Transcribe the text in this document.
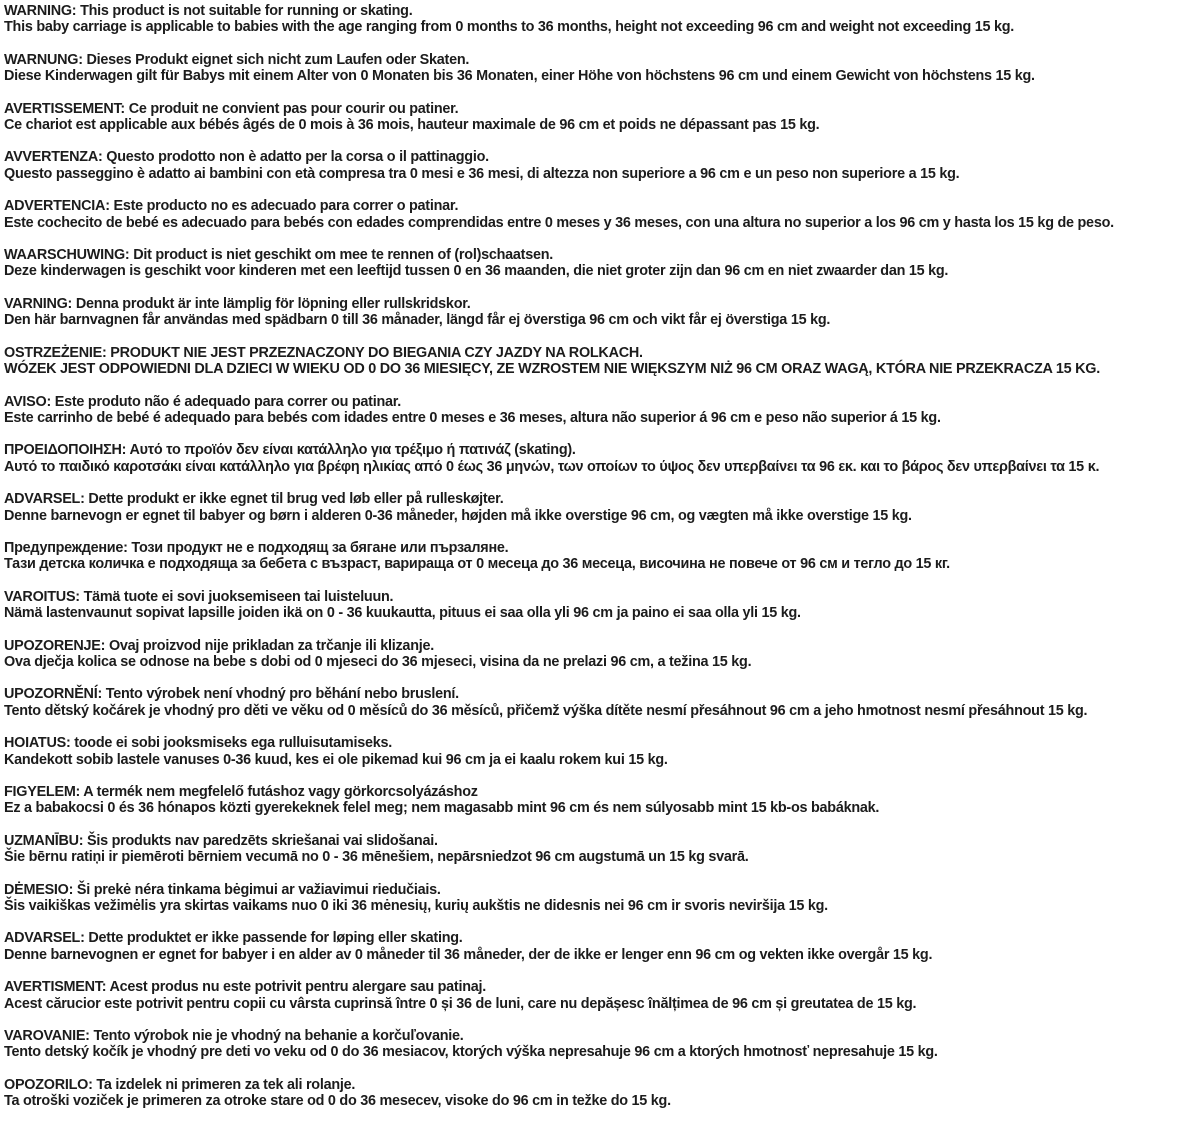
WARNING: This product is not suitable for running or skating.
This baby carriage is applicable to babies with the age ranging from 0 months to 36 months, height not exceeding 96 cm and weight not exceeding 15 kg.
WARNUNG: Dieses Produkt eignet sich nicht zum Laufen oder Skaten.
Diese Kinderwagen gilt für Babys mit einem Alter von 0 Monaten bis 36 Monaten, einer Höhe von höchstens 96 cm und einem Gewicht von höchstens 15 kg.
AVERTISSEMENT: Ce produit ne convient pas pour courir ou patiner.
Ce chariot est applicable aux bébés âgés de 0 mois à 36 mois, hauteur maximale de 96 cm et poids ne dépassant pas 15 kg.
AVVERTENZA: Questo prodotto non è adatto per la corsa o il pattinaggio.
Questo passeggino è adatto ai bambini con età compresa tra 0 mesi e 36 mesi, di altezza non superiore a 96 cm e un peso non superiore a 15 kg.
ADVERTENCIA: Este producto no es adecuado para correr o patinar.
Este cochecito de bebé es adecuado para bebés con edades comprendidas entre 0 meses y 36 meses, con una altura no superior a los 96 cm y hasta los 15 kg de peso.
WAARSCHUWING: Dit product is niet geschikt om mee te rennen of (rol)schaatsen.
Deze kinderwagen is geschikt voor kinderen met een leeftijd tussen 0 en 36 maanden, die niet groter zijn dan 96 cm en niet zwaarder dan 15 kg.
VARNING: Denna produkt är inte lämplig för löpning eller rullskridskor.
Den här barnvagnen får användas med spädbarn 0 till 36 månader, längd får ej överstiga 96 cm och vikt får ej överstiga 15 kg.
OSTRZEŻENIE: PRODUKT NIE JEST PRZEZNACZONY DO BIEGANIA CZY JAZDY NA ROLKACH.
WÓZEK JEST ODPOWIEDNI DLA DZIECI W WIEKU OD 0 DO 36 MIESIĘCY, ZE WZROSTEM NIE WIĘKSZYM NIŻ 96 CM ORAZ WAGĄ, KTÓRA NIE PRZEKRACZA 15 KG.
AVISO: Este produto não é adequado para correr ou patinar.
Este carrinho de bebé é adequado para bebés com idades entre 0 meses e 36 meses, altura não superior á 96 cm e peso não superior á 15 kg.
ΠΡΟΕΙΔΟΠΟΙΗΣΗ: Αυτό το προϊόν δεν είναι κατάλληλο για τρέξιμο ή πατινάζ (skating).
Αυτό το παιδικό καροτσάκι είναι κατάλληλο για βρέφη ηλικίας από 0 έως 36 μηνών, των οποίων το ύψος δεν υπερβαίνει τα 96 εκ. και το βάρος δεν υπερβαίνει τα 15 κ.
ADVARSEL: Dette produkt er ikke egnet til brug ved løb eller på rulleskøjter.
Denne barnevogn er egnet til babyer og børn i alderen 0-36 måneder, højden må ikke overstige 96 cm, og vægten må ikke overstige 15 kg.
Предупреждение: Този продукт не е подходящ за бягане или пързаляне.
Тази детска количка е подходяща за бебета с възраст, варираща от 0 месеца до 36 месеца, височина не повече от 96 см и тегло до 15 кг.
VAROITUS: Tämä tuote ei sovi juoksemiseen tai luisteluun.
Nämä lastenvaunut sopivat lapsille joiden ikä on 0 - 36 kuukautta, pituus ei saa olla yli 96 cm ja paino ei saa olla yli 15 kg.
UPOZORENJE: Ovaj proizvod nije prikladan za trčanje ili klizanje.
Ova dječja kolica se odnose na bebe s dobi od 0 mjeseci do 36 mjeseci, visina da ne prelazi 96 cm, a težina 15 kg.
UPOZORNĚNÍ: Tento výrobek není vhodný pro běhání nebo bruslení.
Tento dětský kočárek je vhodný pro děti ve věku od 0 měsíců do 36 měsíců, přičemž výška dítěte nesmí přesáhnout 96 cm a jeho hmotnost nesmí přesáhnout 15 kg.
HOIATUS: toode ei sobi jooksmiseks ega rulluisutamiseks.
Kandekott sobib lastele vanuses 0-36 kuud, kes ei ole pikemad kui 96 cm ja ei kaalu rokem kui 15 kg.
FIGYELEM: A termék nem megfelelő futáshoz vagy görkorcsolyázáshoz
Ez a babakocsi 0 és 36 hónapos közti gyerekeknek felel meg; nem magasabb mint 96 cm és nem súlyosabb mint 15 kb-os babáknak.
UZMANĪBU: Šis produkts nav paredzēts skriešanai vai slidošanai.
Šie bērnu ratiņi ir piemēroti bērniem vecumā no 0 - 36 mēnešiem, nepārsniedzot 96 cm augstumā un 15 kg svarā.
DĖMESIO: Ši prekė néra tinkama bėgimui ar važiavimui riedučiais.
Šis vaikiškas vežimėlis yra skirtas vaikams nuo 0 iki 36 mėnesių, kurių aukštis ne didesnis nei 96 cm ir svoris neviršija 15 kg.
ADVARSEL: Dette produktet er ikke passende for løping eller skating.
Denne barnevognen er egnet for babyer i en alder av 0 måneder til 36 måneder, der de ikke er lenger enn 96 cm og vekten ikke overgår 15 kg.
AVERTISMENT: Acest produs nu este potrivit pentru alergare sau patinaj.
Acest cărucior este potrivit pentru copii cu vârsta cuprinsă între 0 și 36 de luni, care nu depășesc înălțimea de 96 cm și greutatea de 15 kg.
VAROVANIE: Tento výrobok nie je vhodný na behanie a korčuľovanie.
Tento detský kočík je vhodný pre deti vo veku od 0 do 36 mesiacov, ktorých výška nepresahuje 96 cm a ktorých hmotnosť nepresahuje 15 kg.
OPOZORILO: Ta izdelek ni primeren za tek ali rolanje.
Ta otroški voziček je primeren za otroke stare od 0 do 36 mesecev, visoke do 96 cm in težke do 15 kg.
